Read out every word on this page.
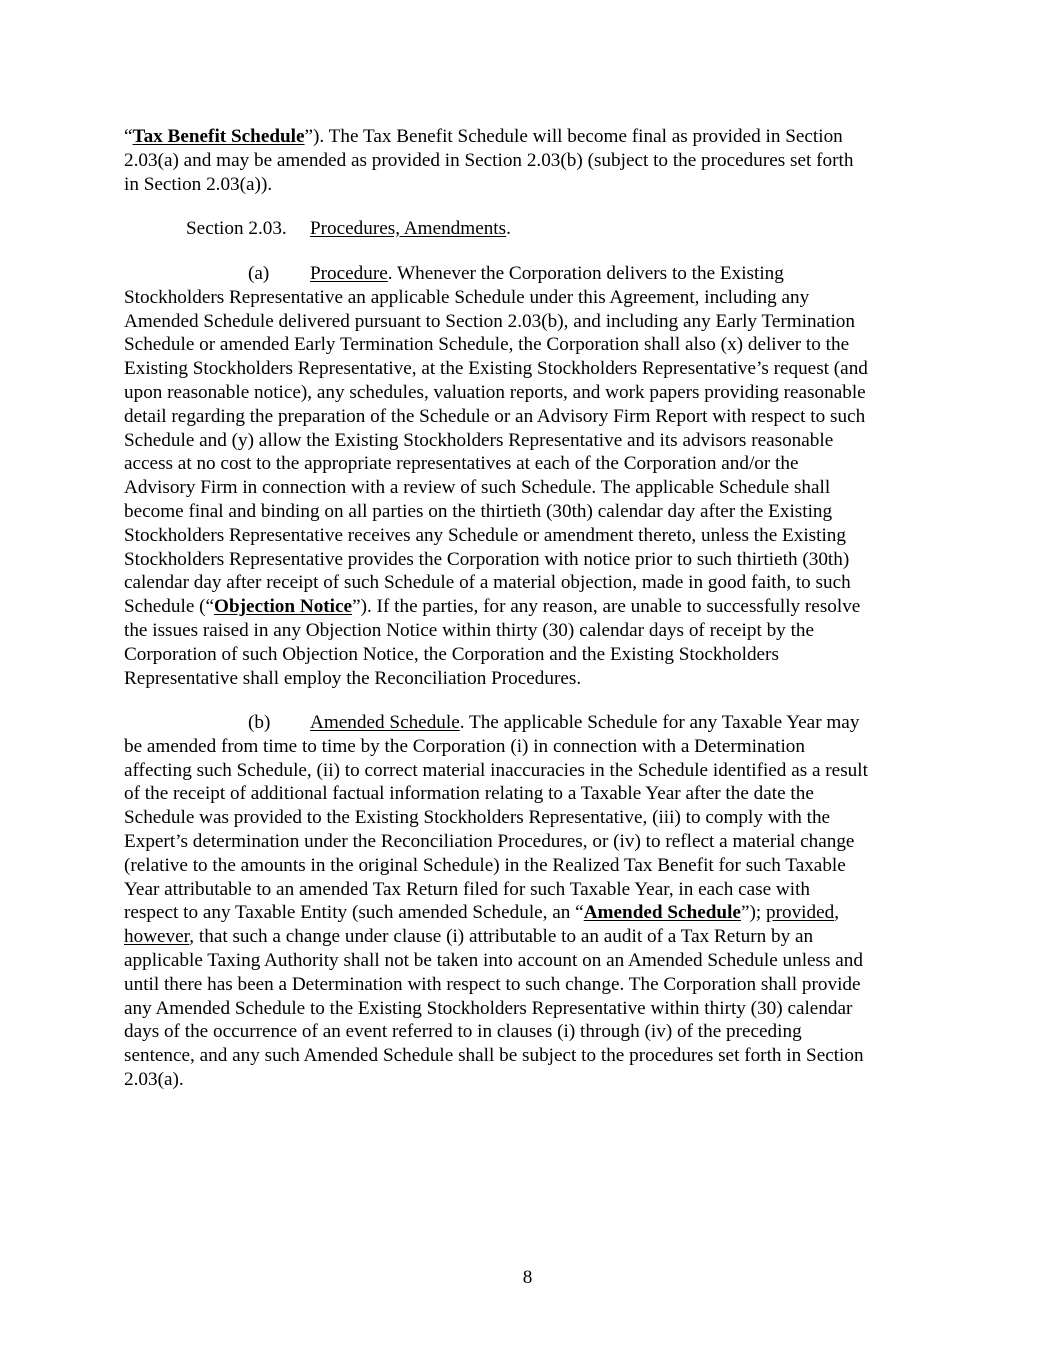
“Tax Benefit Schedule”). The Tax Benefit Schedule will become final as provided in Section
2.03(a) and may be amended as provided in Section 2.03(b) (subject to the procedures set forth
in Section 2.03(a)).
Section 2.03. Procedures, Amendments.
(a) Procedure. Whenever the Corporation delivers to the Existing
Stockholders Representative an applicable Schedule under this Agreement, including any
Amended Schedule delivered pursuant to Section 2.03(b), and including any Early Termination
Schedule or amended Early Termination Schedule, the Corporation shall also (x) deliver to the
Existing Stockholders Representative, at the Existing Stockholders Representative’s request (and
upon reasonable notice), any schedules, valuation reports, and work papers providing reasonable
detail regarding the preparation of the Schedule or an Advisory Firm Report with respect to such
Schedule and (y) allow the Existing Stockholders Representative and its advisors reasonable
access at no cost to the appropriate representatives at each of the Corporation and/or the
Advisory Firm in connection with a review of such Schedule. The applicable Schedule shall
become final and binding on all parties on the thirtieth (30th) calendar day after the Existing
Stockholders Representative receives any Schedule or amendment thereto, unless the Existing
Stockholders Representative provides the Corporation with notice prior to such thirtieth (30th)
calendar day after receipt of such Schedule of a material objection, made in good faith, to such
Schedule (“Objection Notice”). If the parties, for any reason, are unable to successfully resolve
the issues raised in any Objection Notice within thirty (30) calendar days of receipt by the
Corporation of such Objection Notice, the Corporation and the Existing Stockholders
Representative shall employ the Reconciliation Procedures.
(b) Amended Schedule. The applicable Schedule for any Taxable Year may
be amended from time to time by the Corporation (i) in connection with a Determination
affecting such Schedule, (ii) to correct material inaccuracies in the Schedule identified as a result
of the receipt of additional factual information relating to a Taxable Year after the date the
Schedule was provided to the Existing Stockholders Representative, (iii) to comply with the
Expert’s determination under the Reconciliation Procedures, or (iv) to reflect a material change
(relative to the amounts in the original Schedule) in the Realized Tax Benefit for such Taxable
Year attributable to an amended Tax Return filed for such Taxable Year, in each case with
respect to any Taxable Entity (such amended Schedule, an “Amended Schedule”); provided,
however, that such a change under clause (i) attributable to an audit of a Tax Return by an
applicable Taxing Authority shall not be taken into account on an Amended Schedule unless and
until there has been a Determination with respect to such change. The Corporation shall provide
any Amended Schedule to the Existing Stockholders Representative within thirty (30) calendar
days of the occurrence of an event referred to in clauses (i) through (iv) of the preceding
sentence, and any such Amended Schedule shall be subject to the procedures set forth in Section
2.03(a).
8
